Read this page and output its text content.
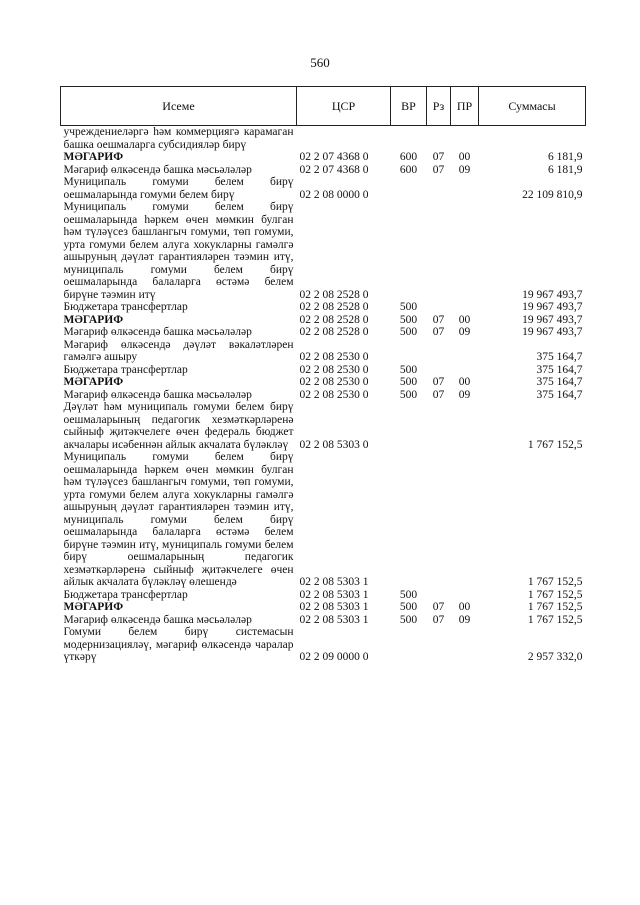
560
Исеме	ЦСР	ВР	Рз	ПР	Суммасы
учреждениеләргә һәм коммерциягә карамаган башка оешмаларга субсидияләр бирү					
МӘГАРИФ	02 2 07 4368 0	600	07	00	6 181,9
Мәгариф өлкәсендә башка мәсьәләләр	02 2 07 4368 0	600	07	09	6 181,9
Муниципаль гомуми белем бирү оешмаларында гомуми белем бирү	02 2 08 0000 0				22 109 810,9
Муниципаль гомуми белем бирү оешмаларында һәркем өчен мөмкин булган һәм түләүсез башлангыч гомуми, төп гомуми, урта гомуми белем алуга хокукларны гамәлгә ашыруның дәүләт гарантияләрен тәэмин итү, муниципаль гомуми белем бирү оешмаларында балаларга өстәмә белем бирүне тәэмин итү	02 2 08 2528 0				19 967 493,7
Бюджетара трансфертлар	02 2 08 2528 0	500			19 967 493,7
МӘГАРИФ	02 2 08 2528 0	500	07	00	19 967 493,7
Мәгариф өлкәсендә башка мәсьәләләр	02 2 08 2528 0	500	07	09	19 967 493,7
Мәгариф өлкәсендә дәүләт вәкаләтләрен гамәлгә ашыру	02 2 08 2530 0				375 164,7
Бюджетара трансфертлар	02 2 08 2530 0	500			375 164,7
МӘГАРИФ	02 2 08 2530 0	500	07	00	375 164,7
Мәгариф өлкәсендә башка мәсьәләләр	02 2 08 2530 0	500	07	09	375 164,7
Дәүләт һәм муниципаль гомуми белем бирү оешмаларының педагогик хезмәткәрләренә сыйныф җитәкчелеге өчен федераль бюджет акчалары исәбеннән айлык акчалата бүләкләү	02 2 08 5303 0				1 767 152,5
Муниципаль гомуми белем бирү оешмаларында һәркем өчен мөмкин булган һәм түләүсез башлангыч гомуми, төп гомуми, урта гомуми белем алуга хокукларны гамәлгә ашыруның дәүләт гарантияләрен тәэмин итү, муниципаль гомуми белем бирү оешмаларында балаларга өстәмә белем бирүне тәэмин итү, муниципаль гомуми белем бирү оешмаларының педагогик хезмәткәрләренә сыйныф җитәкчелеге өчен айлык акчалата бүләкләү өлешендә	02 2 08 5303 1				1 767 152,5
Бюджетара трансфертлар	02 2 08 5303 1	500			1 767 152,5
МӘГАРИФ	02 2 08 5303 1	500	07	00	1 767 152,5
Мәгариф өлкәсендә башка мәсьәләләр	02 2 08 5303 1	500	07	09	1 767 152,5
Гомуми белем бирү системасын модернизацияләү, мәгариф өлкәсендә чаралар үткәрү	02 2 09 0000 0				2 957 332,0
